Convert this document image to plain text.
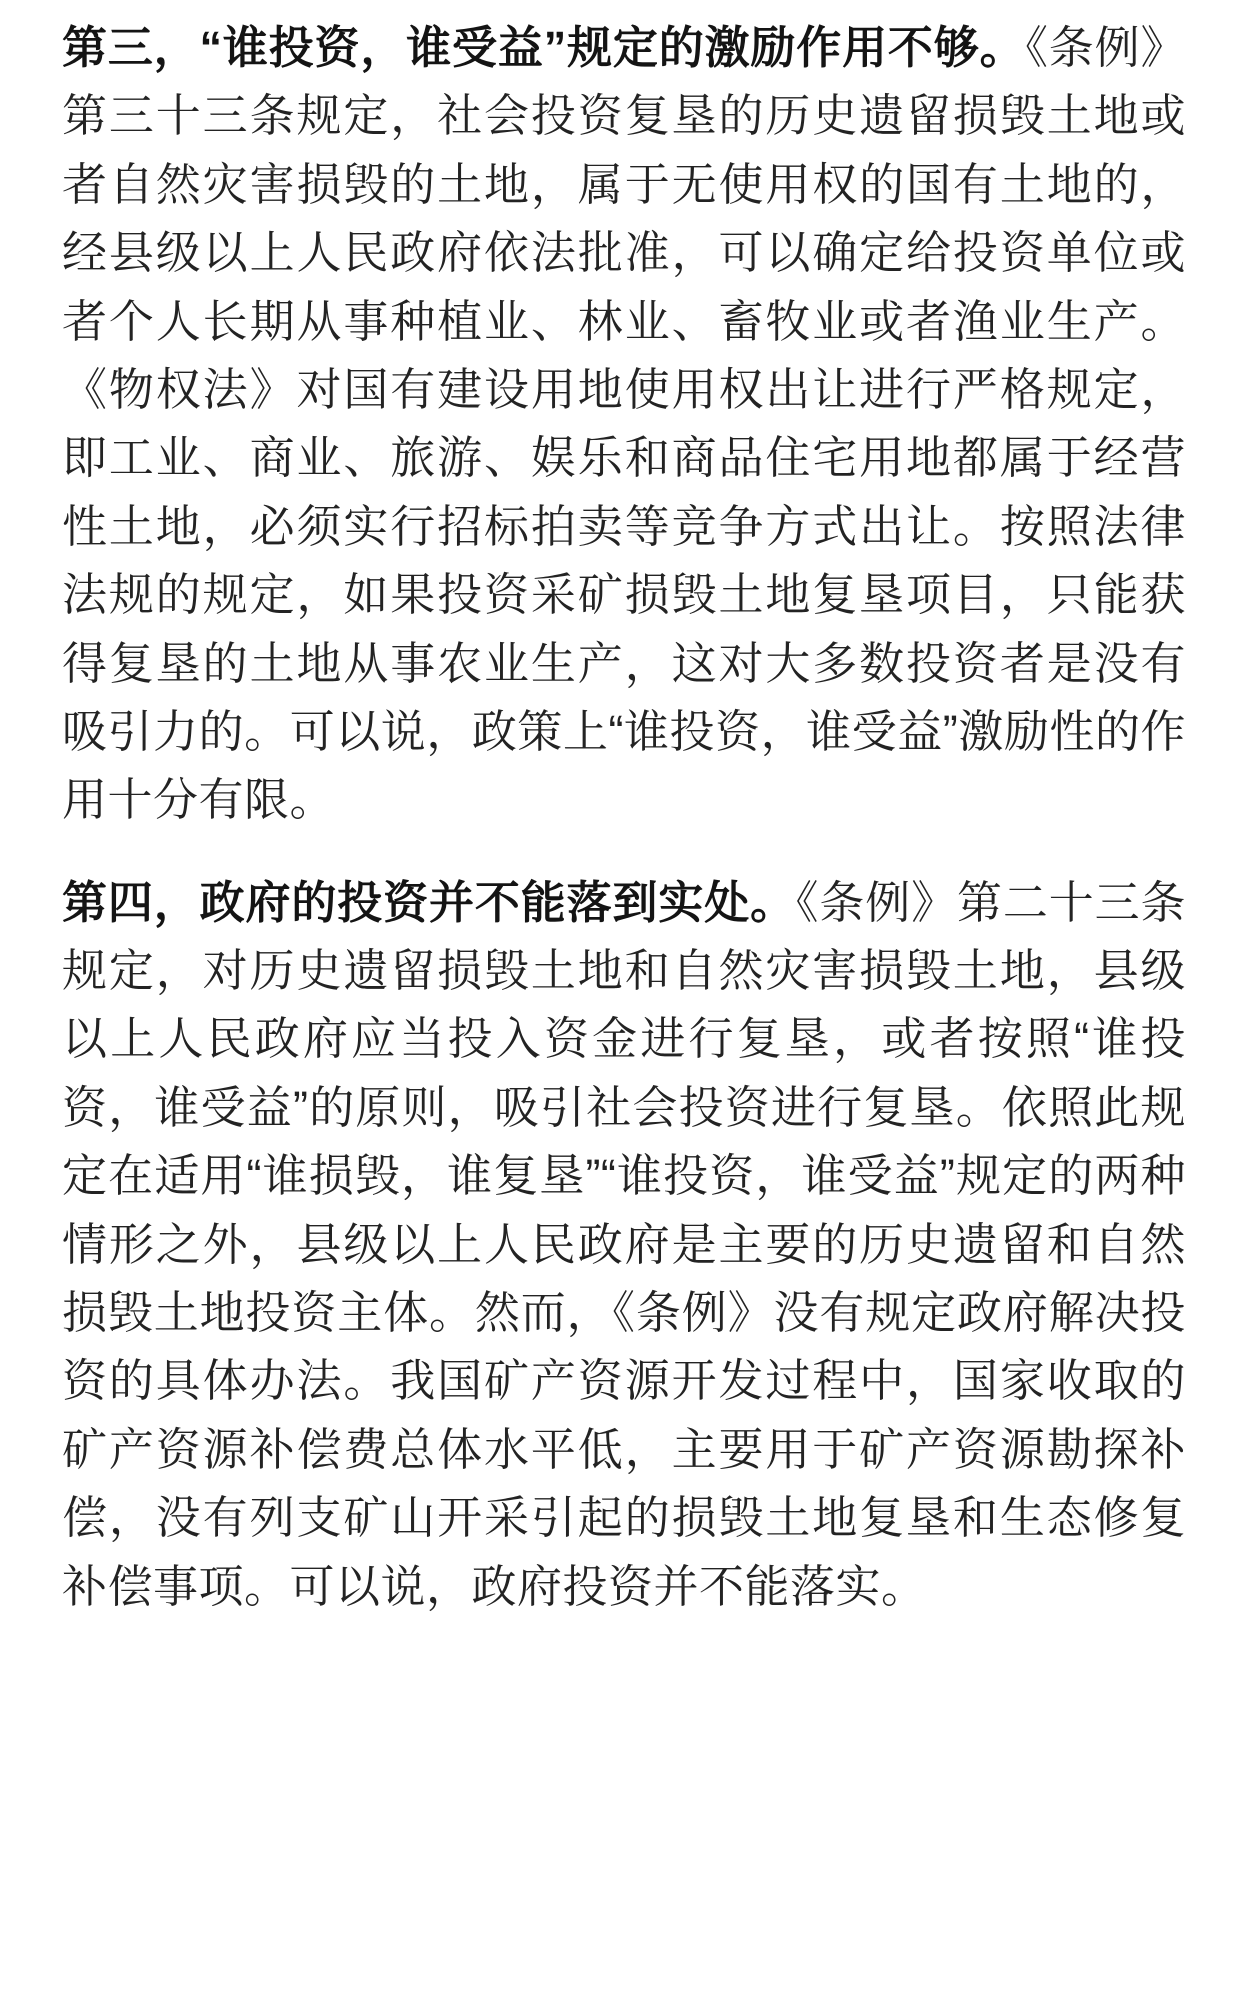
第三，“谁投资，谁受益”规定的激励作用不够。《条例》第三十三条规定，社会投资复垦的历史遗留损毁土地或者自然灾害损毁的土地，属于无使用权的国有土地的，经县级以上人民政府依法批准，可以确定给投资单位或者个人长期从事种植业、林业、畜牧业或者渔业生产。《物权法》对国有建设用地使用权出让进行严格规定，即工业、商业、旅游、娱乐和商品住宅用地都属于经营性土地，必须实行招标拍卖等竞争方式出让。按照法律法规的规定，如果投资采矿损毁土地复垦项目，只能获得复垦的土地从事农业生产，这对大多数投资者是没有吸引力的。可以说，政策上“谁投资，谁受益”激励性的作用十分有限。

第四，政府的投资并不能落到实处。《条例》第二十三条规定，对历史遗留损毁土地和自然灾害损毁土地，县级以上人民政府应当投入资金进行复垦，或者按照“谁投资，谁受益”的原则，吸引社会投资进行复垦。依照此规定在适用“谁损毁，谁复垦”“谁投资，谁受益”规定的两种情形之外，县级以上人民政府是主要的历史遗留和自然损毁土地投资主体。然而，《条例》没有规定政府解决投资的具体办法。我国矿产资源开发过程中，国家收取的矿产资源补偿费总体水平低，主要用于矿产资源勘探补偿，没有列支矿山开采引起的损毁土地复垦和生态修复补偿事项。可以说，政府投资并不能落实。
